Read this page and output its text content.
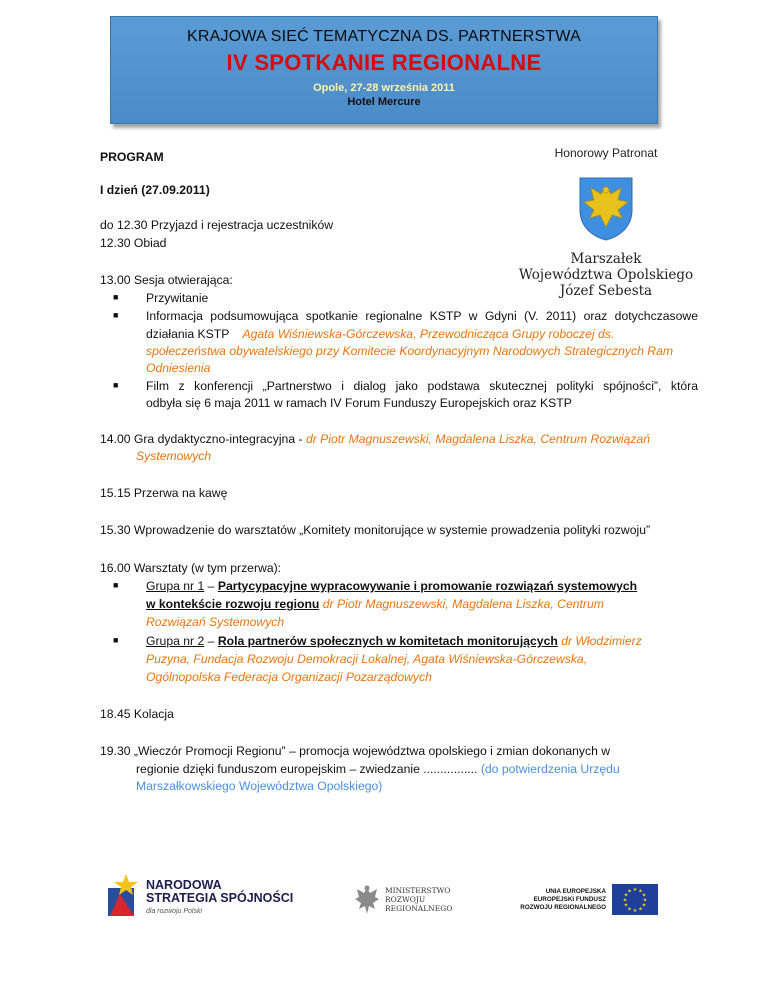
KRAJOWA SIEĆ TEMATYCZNA DS. PARTNERSTWA
IV SPOTKANIE REGIONALNE
Opole, 27-28 września 2011
Hotel Mercure
Honorowy Patronat
Marszałek
Województwa Opolskiego
Józef Sebesta
PROGRAM
I dzień (27.09.2011)
do 12.30 Przyjazd i rejestracja uczestników
12.30 Obiad
13.00 Sesja otwierająca:
■ Przywitanie
■ Informacja podsumowująca spotkanie regionalne KSTP w Gdyni (V. 2011) oraz dotychczasowe
działania KSTP Agata Wiśniewska-Górczewska, Przewodnicząca Grupy roboczej ds.
społeczeństwa obywatelskiego przy Komitecie Koordynacyjnym Narodowych Strategicznych Ram
Odniesienia
■ Film z konferencji „Partnerstwo i dialog jako podstawa skutecznej polityki spójności”, która
odbyła się 6 maja 2011 w ramach IV Forum Funduszy Europejskich oraz KSTP
14.00 Gra dydaktyczno-integracyjna - dr Piotr Magnuszewski, Magdalena Liszka, Centrum Rozwiązań
Systemowych
15.15 Przerwa na kawę
15.30 Wprowadzenie do warsztatów „Komitety monitorujące w systemie prowadzenia polityki rozwoju”
16.00 Warsztaty (w tym przerwa):
■ Grupa nr 1 – Partycypacyjne wypracowywanie i promowanie rozwiązań systemowych
w kontekście rozwoju regionu dr Piotr Magnuszewski, Magdalena Liszka, Centrum
Rozwiązań Systemowych
■ Grupa nr 2 – Rola partnerów społecznych w komitetach monitorujących dr Włodzimierz
Puzyna, Fundacja Rozwoju Demokracji Lokalnej, Agata Wiśniewska-Górczewska,
Ogólnopolska Federacja Organizacji Pozarządowych
18.45 Kolacja
19.30 „Wieczór Promocji Regionu” – promocja województwa opolskiego i zmian dokonanych w
regionie dzięki funduszom europejskim – zwiedzanie ................ (do potwierdzenia Urzędu
Marszałkowskiego Województwa Opolskiego)
NARODOWA
STRATEGIA SPÓJNOŚCI
dla rozwoju Polski
MINISTERSTWO
ROZWOJU
REGIONALNEGO
UNIA EUROPEJSKA
EUROPEJSKI FUNDUSZ
ROZWOJU REGIONALNEGO
★ ★
★
★
★
★
★
★
★
★
★
★
